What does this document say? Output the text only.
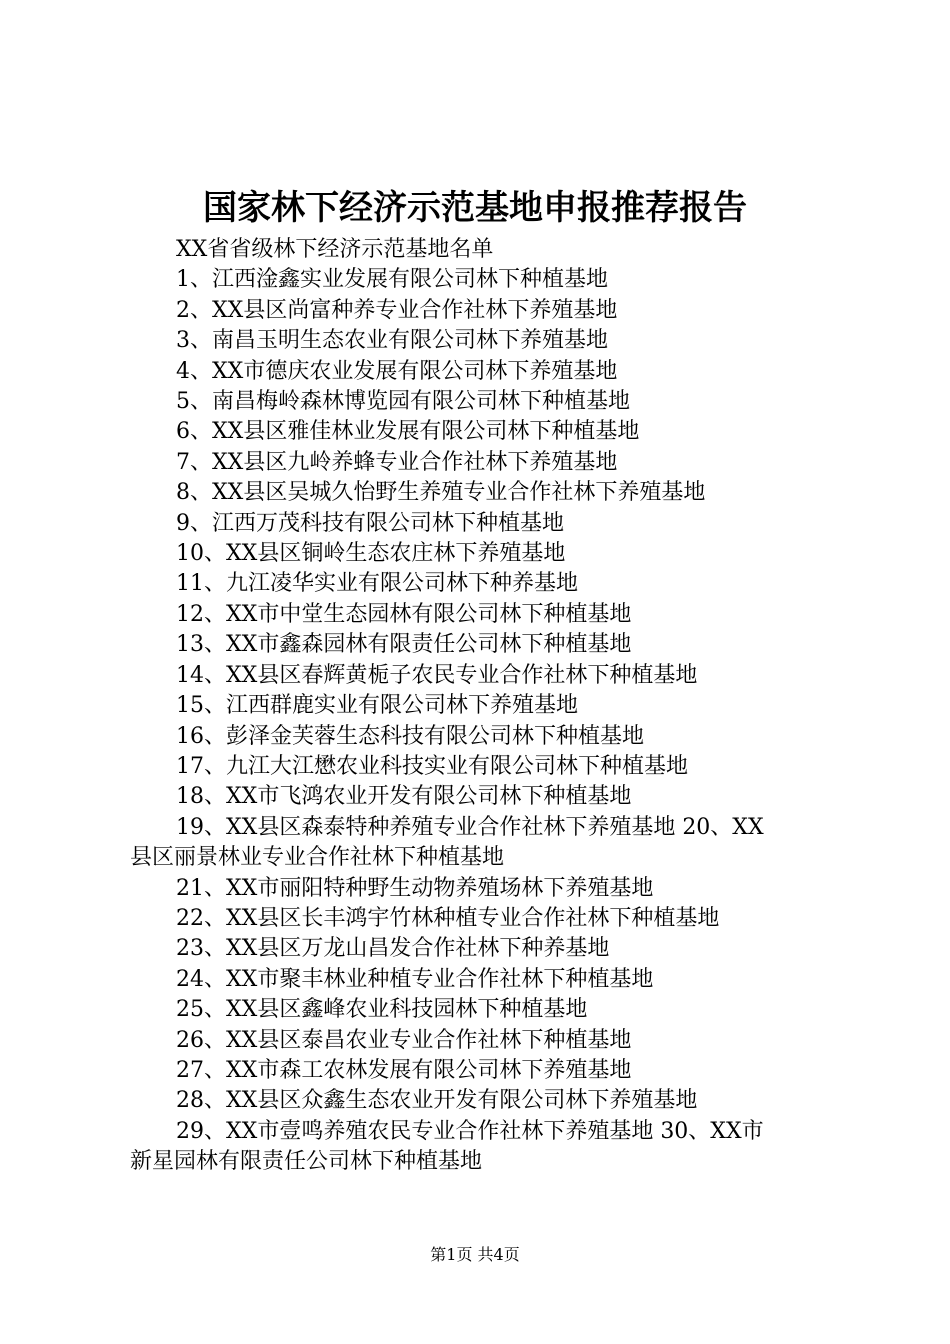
国家林下经济示范基地申报推荐报告

XX省省级林下经济示范基地名单

1、江西淦鑫实业发展有限公司林下种植基地

2、XX县区尚富种养专业合作社林下养殖基地

3、南昌玉明生态农业有限公司林下养殖基地

4、XX市德庆农业发展有限公司林下养殖基地

5、南昌梅岭森林博览园有限公司林下种植基地

6、XX县区雅佳林业发展有限公司林下种植基地

7、XX县区九岭养蜂专业合作社林下养殖基地

8、XX县区吴城久怡野生养殖专业合作社林下养殖基地

9、江西万茂科技有限公司林下种植基地

10、XX县区铜岭生态农庄林下养殖基地

11、九江凌华实业有限公司林下种养基地

12、XX市中堂生态园林有限公司林下种植基地

13、XX市鑫森园林有限责任公司林下种植基地

14、XX县区春辉黄栀子农民专业合作社林下种植基地

15、江西群鹿实业有限公司林下养殖基地

16、彭泽金芙蓉生态科技有限公司林下种植基地

17、九江大江懋农业科技实业有限公司林下种植基地

18、XX市飞鸿农业开发有限公司林下种植基地

19、XX县区森泰特种养殖专业合作社林下养殖基地 20、XX
县区丽景林业专业合作社林下种植基地

21、XX市丽阳特种野生动物养殖场林下养殖基地

22、XX县区长丰鸿宇竹林种植专业合作社林下种植基地

23、XX县区万龙山昌发合作社林下种养基地

24、XX市聚丰林业种植专业合作社林下种植基地

25、XX县区鑫峰农业科技园林下种植基地

26、XX县区泰昌农业专业合作社林下种植基地

27、XX市森工农林发展有限公司林下养殖基地

28、XX县区众鑫生态农业开发有限公司林下养殖基地

29、XX市壹鸣养殖农民专业合作社林下养殖基地 30、XX市
新星园林有限责任公司林下种植基地

第1页 共4页
